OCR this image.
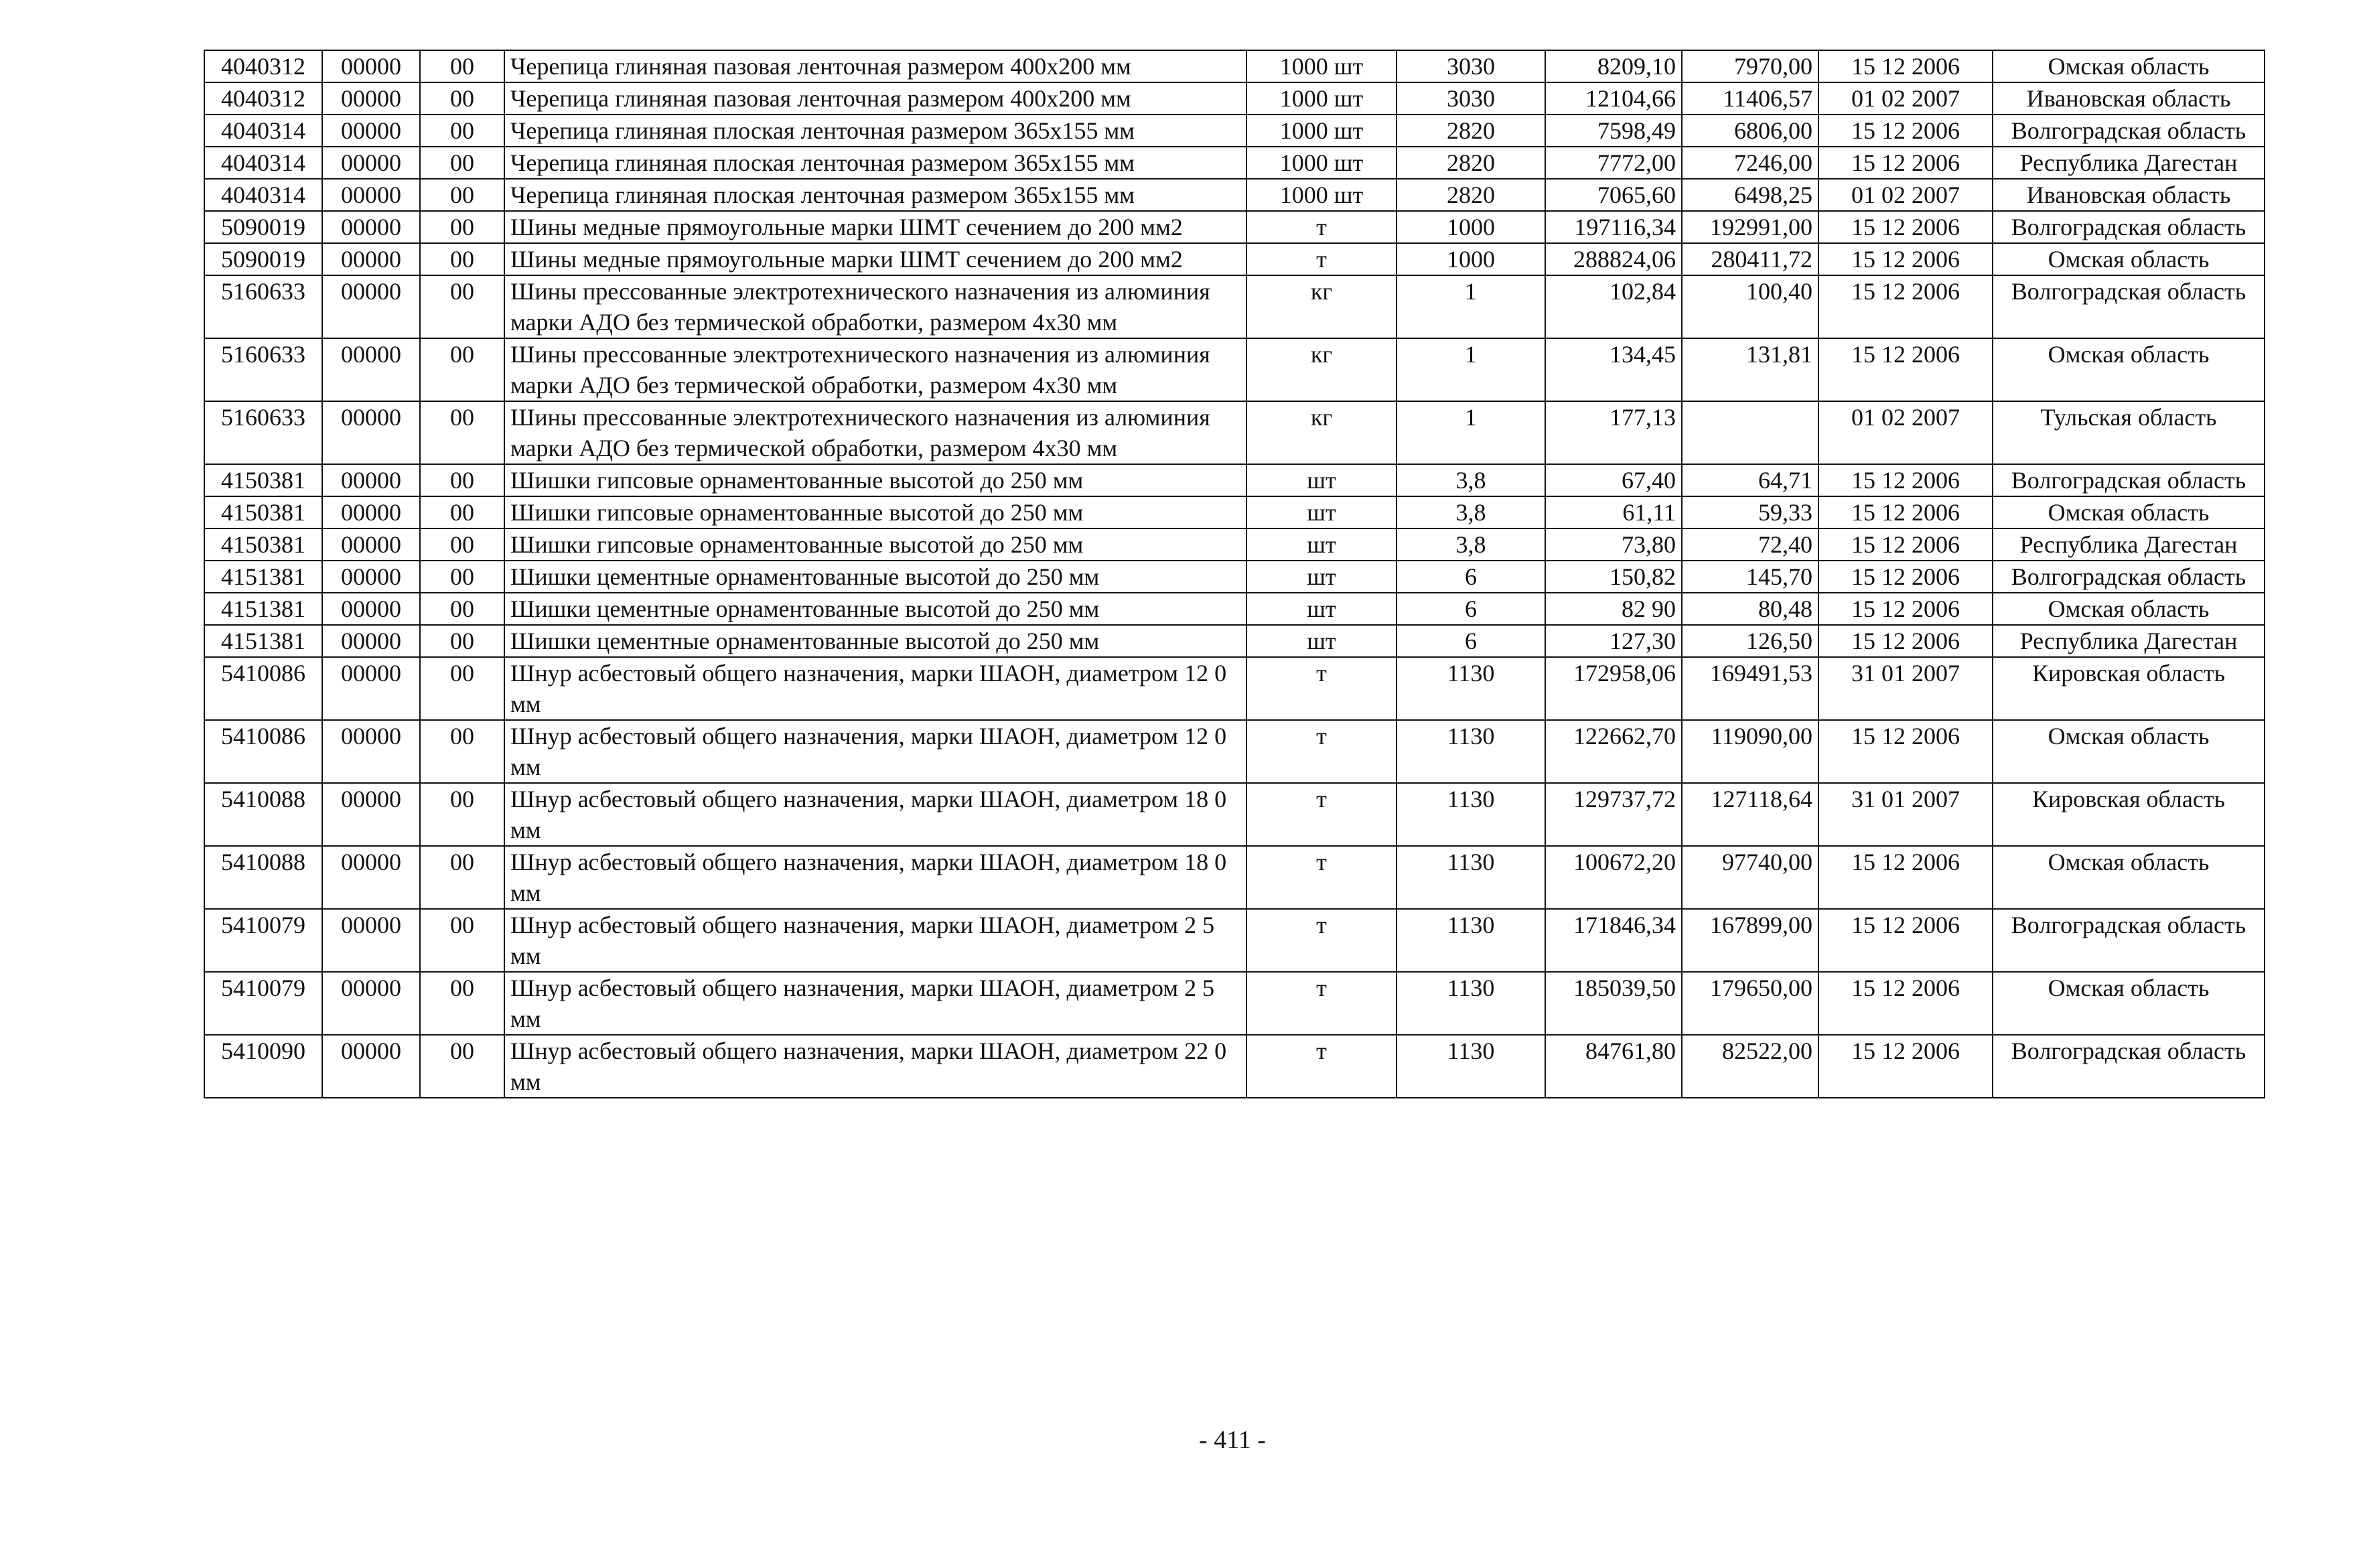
4040312	00000	00	Черепица глиняная пазовая ленточная размером 400х200 мм	1000 шт	3030	8209,10	7970,00	15 12 2006	Омская область
4040312	00000	00	Черепица глиняная пазовая ленточная размером 400х200 мм	1000 шт	3030	12104,66	11406,57	01 02 2007	Ивановская область
4040314	00000	00	Черепица глиняная плоская ленточная размером 365х155 мм	1000 шт	2820	7598,49	6806,00	15 12 2006	Волгоградская область
4040314	00000	00	Черепица глиняная плоская ленточная размером 365х155 мм	1000 шт	2820	7772,00	7246,00	15 12 2006	Республика Дагестан
4040314	00000	00	Черепица глиняная плоская ленточная размером 365х155 мм	1000 шт	2820	7065,60	6498,25	01 02 2007	Ивановская область
5090019	00000	00	Шины медные прямоугольные марки ШМТ сечением до 200 мм2	т	1000	197116,34	192991,00	15 12 2006	Волгоградская область
5090019	00000	00	Шины медные прямоугольные марки ШМТ сечением до 200 мм2	т	1000	288824,06	280411,72	15 12 2006	Омская область
5160633	00000	00	Шины прессованные электротехнического назначения из алюминия марки АДО без термической обработки, размером 4х30 мм	кг	1	102,84	100,40	15 12 2006	Волгоградская область
5160633	00000	00	Шины прессованные электротехнического назначения из алюминия марки АДО без термической обработки, размером 4х30 мм	кг	1	134,45	131,81	15 12 2006	Омская область
5160633	00000	00	Шины прессованные электротехнического назначения из алюминия марки АДО без термической обработки, размером 4х30 мм	кг	1	177,13		01 02 2007	Тульская область
4150381	00000	00	Шишки гипсовые орнаментованные высотой до 250 мм	шт	3,8	67,40	64,71	15 12 2006	Волгоградская область
4150381	00000	00	Шишки гипсовые орнаментованные высотой до 250 мм	шт	3,8	61,11	59,33	15 12 2006	Омская область
4150381	00000	00	Шишки гипсовые орнаментованные высотой до 250 мм	шт	3,8	73,80	72,40	15 12 2006	Республика Дагестан
4151381	00000	00	Шишки цементные орнаментованные высотой до 250 мм	шт	6	150,82	145,70	15 12 2006	Волгоградская область
4151381	00000	00	Шишки цементные орнаментованные высотой до 250 мм	шт	6	82 90	80,48	15 12 2006	Омская область
4151381	00000	00	Шишки цементные орнаментованные высотой до 250 мм	шт	6	127,30	126,50	15 12 2006	Республика Дагестан
5410086	00000	00	Шнур асбестовый общего назначения, марки ШАОН, диаметром 12 0 мм	т	1130	172958,06	169491,53	31 01 2007	Кировская область
5410086	00000	00	Шнур асбестовый общего назначения, марки ШАОН, диаметром 12 0 мм	т	1130	122662,70	119090,00	15 12 2006	Омская область
5410088	00000	00	Шнур асбестовый общего назначения, марки ШАОН, диаметром 18 0 мм	т	1130	129737,72	127118,64	31 01 2007	Кировская область
5410088	00000	00	Шнур асбестовый общего назначения, марки ШАОН, диаметром 18 0 мм	т	1130	100672,20	97740,00	15 12 2006	Омская область
5410079	00000	00	Шнур асбестовый общего назначения, марки ШАОН, диаметром 2 5 мм	т	1130	171846,34	167899,00	15 12 2006	Волгоградская область
5410079	00000	00	Шнур асбестовый общего назначения, марки ШАОН, диаметром 2 5 мм	т	1130	185039,50	179650,00	15 12 2006	Омская область
5410090	00000	00	Шнур асбестовый общего назначения, марки ШАОН, диаметром 22 0 мм	т	1130	84761,80	82522,00	15 12 2006	Волгоградская область
- 411 -
